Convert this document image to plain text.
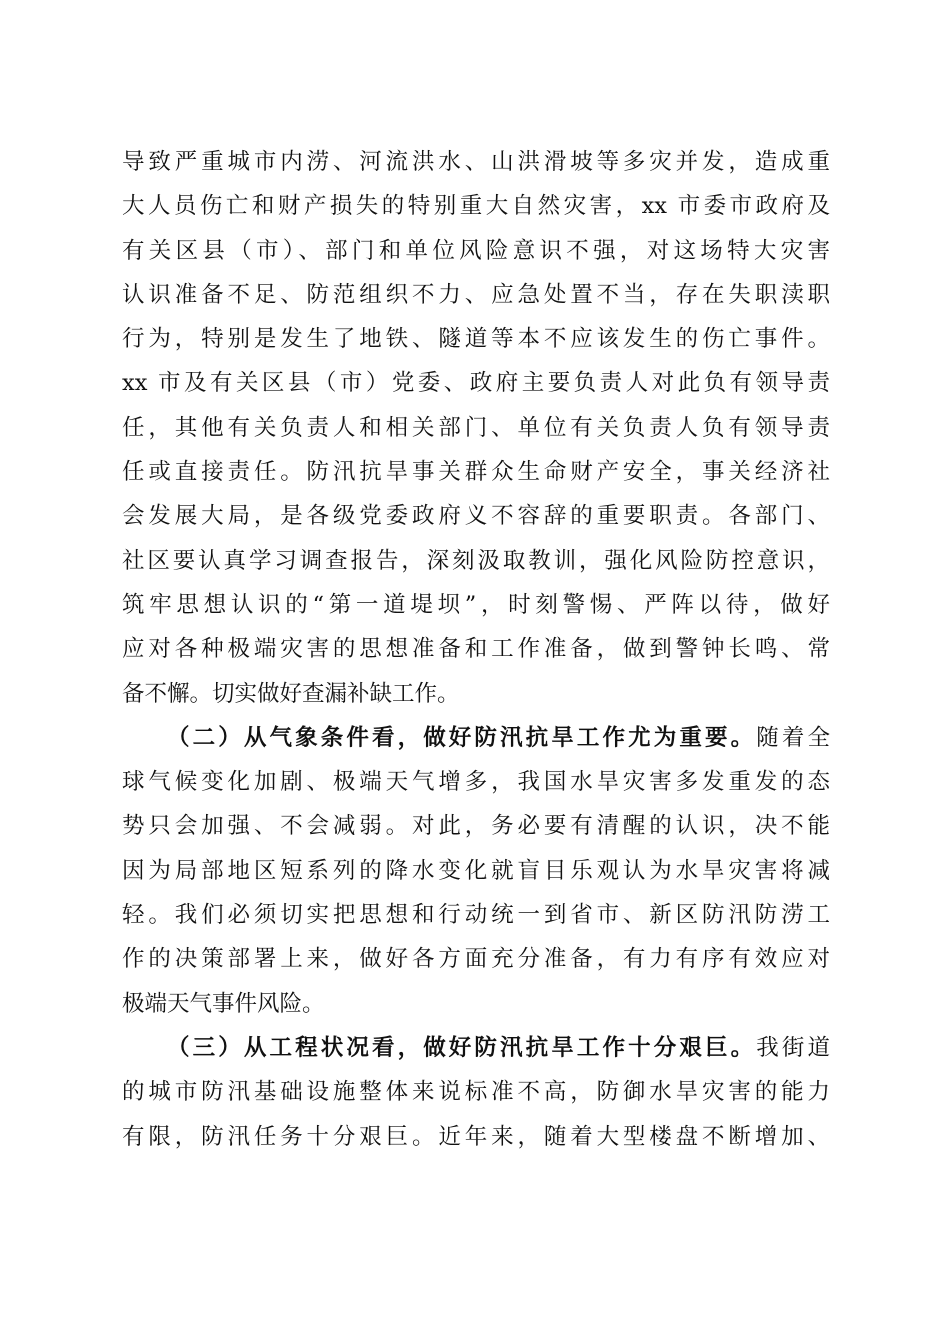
导致严重城市内涝、河流洪水、山洪滑坡等多灾并发，造成重
大人员伤亡和财产损失的特别重大自然灾害，xx 市委市政府及
有关区县（市）、部门和单位风险意识不强，对这场特大灾害
认识准备不足、防范组织不力、应急处置不当，存在失职渎职
行为，特别是发生了地铁、隧道等本不应该发生的伤亡事件。
xx 市及有关区县（市）党委、政府主要负责人对此负有领导责
任，其他有关负责人和相关部门、单位有关负责人负有领导责
任或直接责任。防汛抗旱事关群众生命财产安全，事关经济社
会发展大局，是各级党委政府义不容辞的重要职责。各部门、
社区要认真学习调查报告，深刻汲取教训，强化风险防控意识，
筑牢思想认识的“第一道堤坝”，时刻警惕、严阵以待，做好
应对各种极端灾害的思想准备和工作准备，做到警钟长鸣、常
备不懈。切实做好查漏补缺工作。
（二）从气象条件看，做好防汛抗旱工作尤为重要。随着全
球气候变化加剧、极端天气增多，我国水旱灾害多发重发的态
势只会加强、不会减弱。对此，务必要有清醒的认识，决不能
因为局部地区短系列的降水变化就盲目乐观认为水旱灾害将减
轻。我们必须切实把思想和行动统一到省市、新区防汛防涝工
作的决策部署上来，做好各方面充分准备，有力有序有效应对
极端天气事件风险。
（三）从工程状况看，做好防汛抗旱工作十分艰巨。我街道
的城市防汛基础设施整体来说标准不高，防御水旱灾害的能力
有限，防汛任务十分艰巨。近年来，随着大型楼盘不断增加、
